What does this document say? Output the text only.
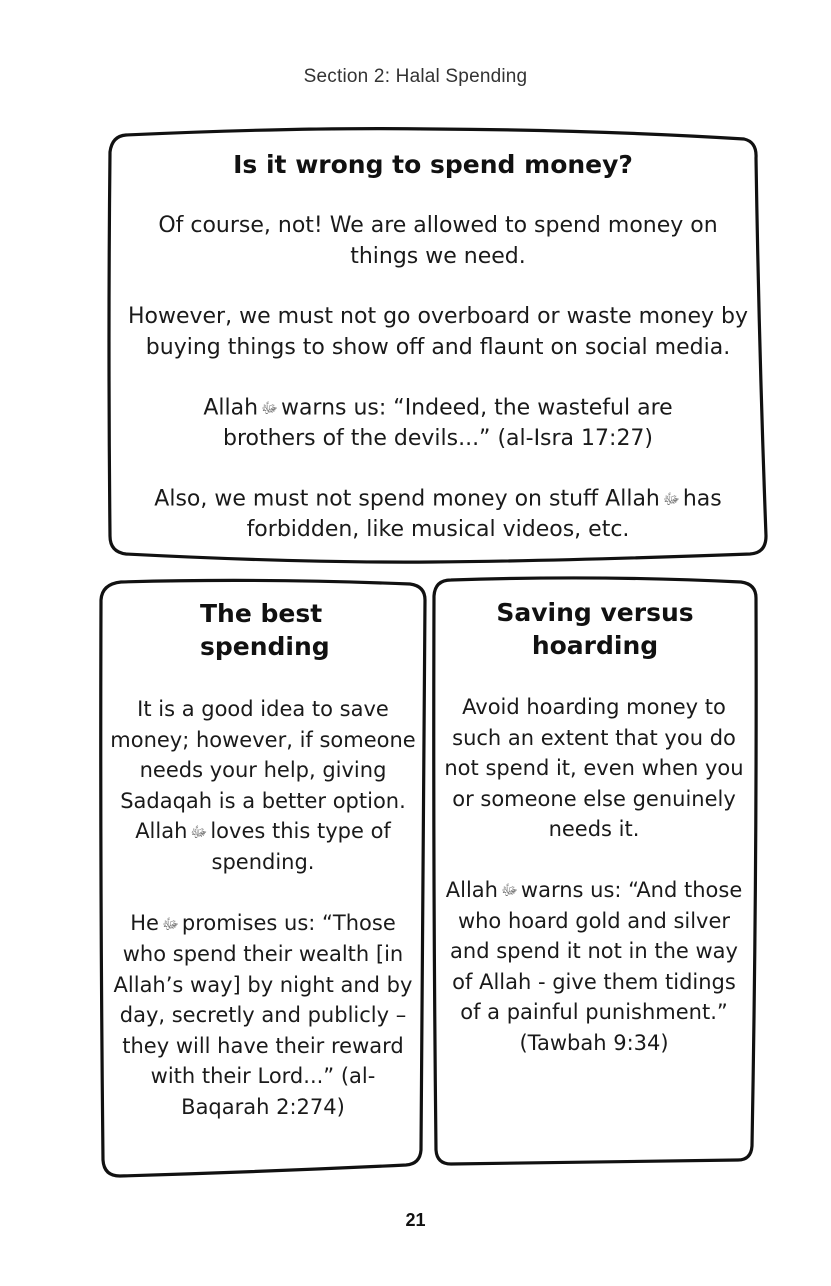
Section 2: Halal Spending
Is it wrong to spend money?

Of course, not! We are allowed to spend money on things we need.

However, we must not go overboard or waste money by buying things to show off and flaunt on social media.

Allah ﷻ warns us: “Indeed, the wasteful are brothers of the devils...” (al-Isra 17:27)

Also, we must not spend money on stuff Allah ﷻ has forbidden, like musical videos, etc.

The best
spending

It is a good idea to save money; however, if someone needs your help, giving Sadaqah is a better option. Allah ﷻ loves this type of spending.

He ﷻ promises us: “Those who spend their wealth [in Allah’s way] by night and by day, secretly and publicly – they will have their reward with their Lord...” (al-Baqarah 2:274)

Saving versus
hoarding

Avoid hoarding money to such an extent that you do not spend it, even when you or someone else genuinely needs it.

Allah ﷻ warns us: “And those who hoard gold and silver and spend it not in the way of Allah - give them tidings of a painful punishment.” (Tawbah 9:34)

21
